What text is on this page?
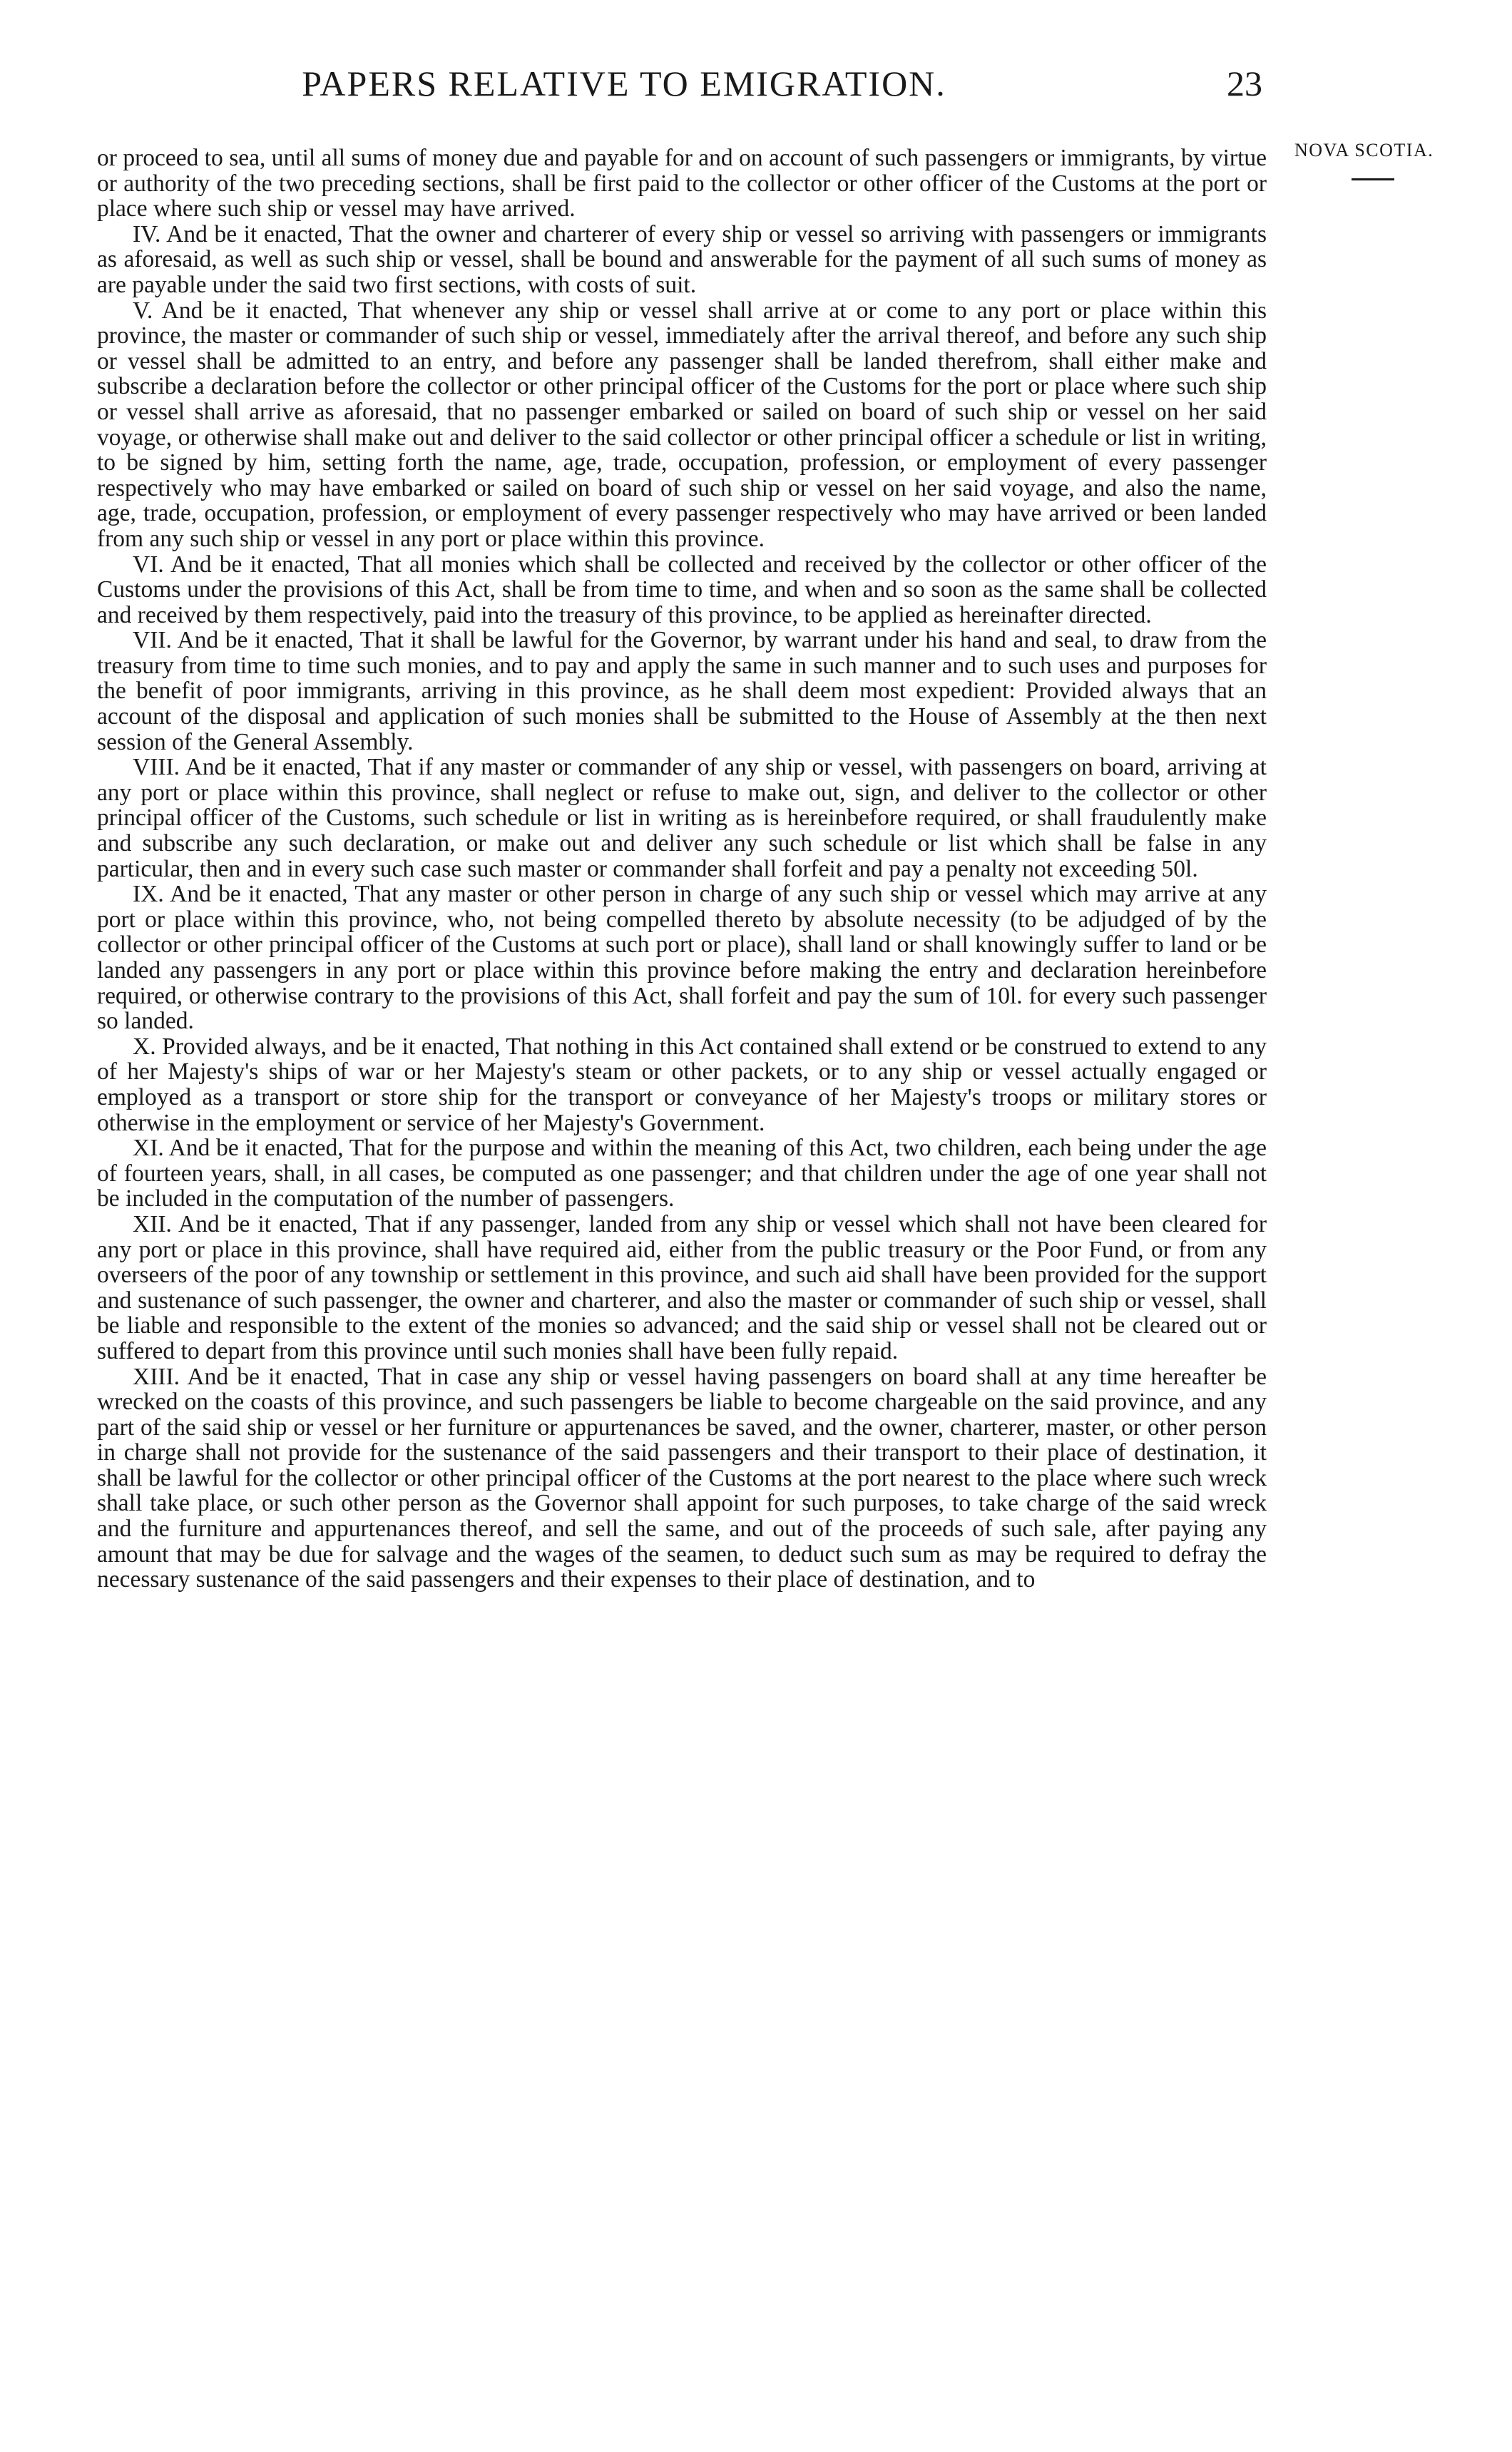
PAPERS RELATIVE TO EMIGRATION.	23
NOVA SCOTIA.

or proceed to sea, until all sums of money due and payable for and on account of such passengers or immigrants, by virtue or authority of the two preceding sections, shall be first paid to the collector or other officer of the Customs at the port or place where such ship or vessel may have arrived.

IV. And be it enacted, That the owner and charterer of every ship or vessel so arriving with passengers or immigrants as aforesaid, as well as such ship or vessel, shall be bound and answerable for the payment of all such sums of money as are payable under the said two first sections, with costs of suit.

V. And be it enacted, That whenever any ship or vessel shall arrive at or come to any port or place within this province, the master or commander of such ship or vessel, immediately after the arrival thereof, and before any such ship or vessel shall be admitted to an entry, and before any passenger shall be landed therefrom, shall either make and subscribe a declaration before the collector or other principal officer of the Customs for the port or place where such ship or vessel shall arrive as aforesaid, that no passenger embarked or sailed on board of such ship or vessel on her said voyage, or otherwise shall make out and deliver to the said collector or other principal officer a schedule or list in writing, to be signed by him, setting forth the name, age, trade, occupation, profession, or employment of every passenger respectively who may have embarked or sailed on board of such ship or vessel on her said voyage, and also the name, age, trade, occupation, profession, or employment of every passenger respectively who may have arrived or been landed from any such ship or vessel in any port or place within this province.

VI. And be it enacted, That all monies which shall be collected and received by the collector or other officer of the Customs under the provisions of this Act, shall be from time to time, and when and so soon as the same shall be collected and received by them respectively, paid into the treasury of this province, to be applied as hereinafter directed.

VII. And be it enacted, That it shall be lawful for the Governor, by warrant under his hand and seal, to draw from the treasury from time to time such monies, and to pay and apply the same in such manner and to such uses and purposes for the benefit of poor immigrants, arriving in this province, as he shall deem most expedient: Provided always that an account of the disposal and application of such monies shall be submitted to the House of Assembly at the then next session of the General Assembly.

VIII. And be it enacted, That if any master or commander of any ship or vessel, with passengers on board, arriving at any port or place within this province, shall neglect or refuse to make out, sign, and deliver to the collector or other principal officer of the Customs, such schedule or list in writing as is hereinbefore required, or shall fraudulently make and subscribe any such declaration, or make out and deliver any such schedule or list which shall be false in any particular, then and in every such case such master or commander shall forfeit and pay a penalty not exceeding 50l.

IX. And be it enacted, That any master or other person in charge of any such ship or vessel which may arrive at any port or place within this province, who, not being compelled thereto by absolute necessity (to be adjudged of by the collector or other principal officer of the Customs at such port or place), shall land or shall knowingly suffer to land or be landed any passengers in any port or place within this province before making the entry and declaration hereinbefore required, or otherwise contrary to the provisions of this Act, shall forfeit and pay the sum of 10l. for every such passenger so landed.

X. Provided always, and be it enacted, That nothing in this Act contained shall extend or be construed to extend to any of her Majesty's ships of war or her Majesty's steam or other packets, or to any ship or vessel actually engaged or employed as a transport or store ship for the transport or conveyance of her Majesty's troops or military stores or otherwise in the employment or service of her Majesty's Government.

XI. And be it enacted, That for the purpose and within the meaning of this Act, two children, each being under the age of fourteen years, shall, in all cases, be computed as one passenger; and that children under the age of one year shall not be included in the computation of the number of passengers.

XII. And be it enacted, That if any passenger, landed from any ship or vessel which shall not have been cleared for any port or place in this province, shall have required aid, either from the public treasury or the Poor Fund, or from any overseers of the poor of any township or settlement in this province, and such aid shall have been provided for the support and sustenance of such passenger, the owner and charterer, and also the master or commander of such ship or vessel, shall be liable and responsible to the extent of the monies so advanced; and the said ship or vessel shall not be cleared out or suffered to depart from this province until such monies shall have been fully repaid.

XIII. And be it enacted, That in case any ship or vessel having passengers on board shall at any time hereafter be wrecked on the coasts of this province, and such passengers be liable to become chargeable on the said province, and any part of the said ship or vessel or her furniture or appurtenances be saved, and the owner, charterer, master, or other person in charge shall not provide for the sustenance of the said passengers and their transport to their place of destination, it shall be lawful for the collector or other principal officer of the Customs at the port nearest to the place where such wreck shall take place, or such other person as the Governor shall appoint for such purposes, to take charge of the said wreck and the furniture and appurtenances thereof, and sell the same, and out of the proceeds of such sale, after paying any amount that may be due for salvage and the wages of the seamen, to deduct such sum as may be required to defray the necessary sustenance of the said passengers and their expenses to their place of destination, and to
